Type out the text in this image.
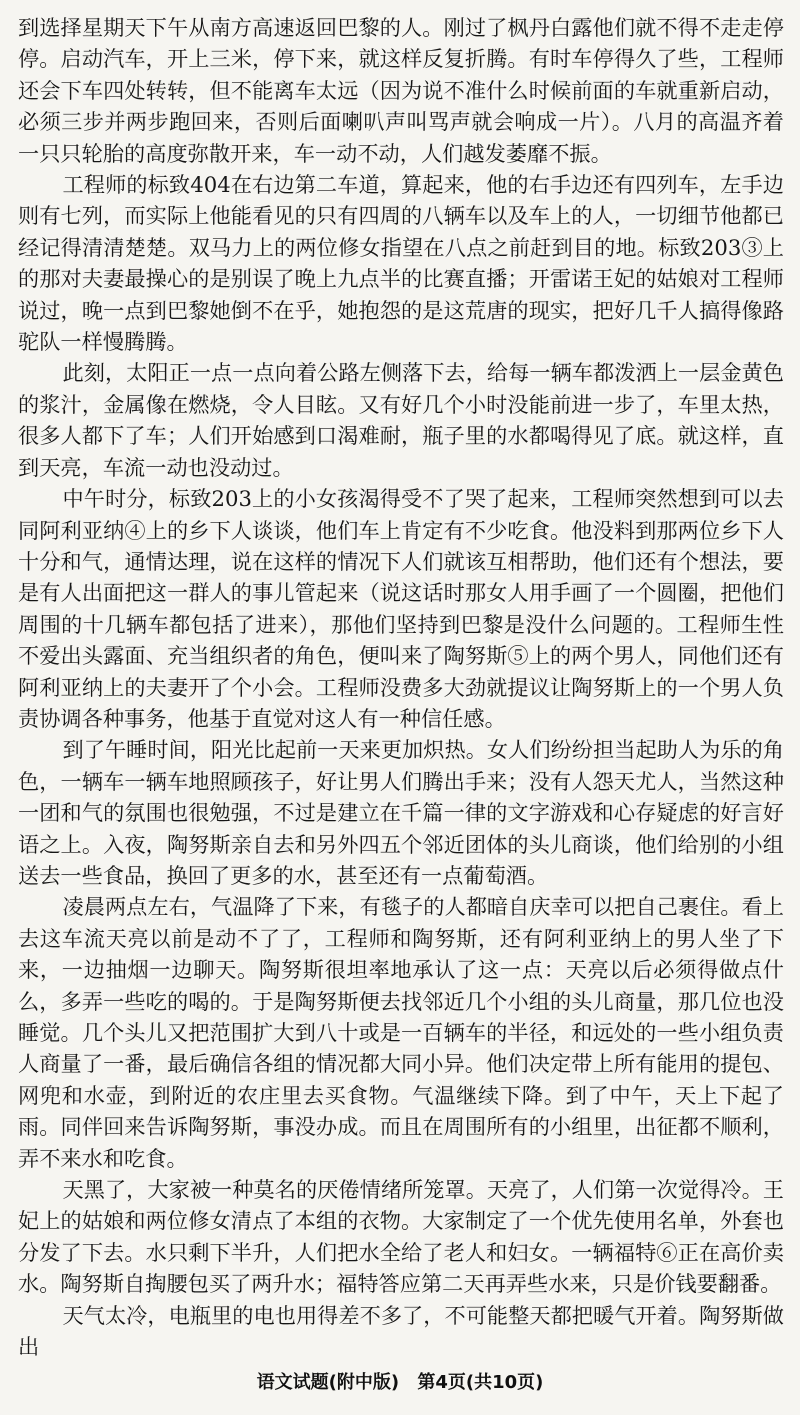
到选择星期天下午从南方高速返回巴黎的人。刚过了枫丹白露他们就不得不走走停停。启动汽车，开上三米，停下来，就这样反复折腾。有时车停得久了些，工程师还会下车四处转转，但不能离车太远（因为说不准什么时候前面的车就重新启动，必须三步并两步跑回来，否则后面喇叭声叫骂声就会响成一片）。八月的高温齐着一只只轮胎的高度弥散开来，车一动不动，人们越发萎靡不振。

工程师的标致404在右边第二车道，算起来，他的右手边还有四列车，左手边则有七列，而实际上他能看见的只有四周的八辆车以及车上的人，一切细节他都已经记得清清楚楚。双马力上的两位修女指望在八点之前赶到目的地。标致203③上的那对夫妻最操心的是别误了晚上九点半的比赛直播；开雷诺王妃的姑娘对工程师说过，晚一点到巴黎她倒不在乎，她抱怨的是这荒唐的现实，把好几千人搞得像路驼队一样慢腾腾。

此刻，太阳正一点一点向着公路左侧落下去，给每一辆车都泼洒上一层金黄色的浆汁，金属像在燃烧，令人目眩。又有好几个小时没能前进一步了，车里太热，很多人都下了车；人们开始感到口渴难耐，瓶子里的水都喝得见了底。就这样，直到天亮，车流一动也没动过。

中午时分，标致203上的小女孩渴得受不了哭了起来，工程师突然想到可以去同阿利亚纳④上的乡下人谈谈，他们车上肯定有不少吃食。他没料到那两位乡下人十分和气，通情达理，说在这样的情况下人们就该互相帮助，他们还有个想法，要是有人出面把这一群人的事儿管起来（说这话时那女人用手画了一个圆圈，把他们周围的十几辆车都包括了进来），那他们坚持到巴黎是没什么问题的。工程师生性不爱出头露面、充当组织者的角色，便叫来了陶努斯⑤上的两个男人，同他们还有阿利亚纳上的夫妻开了个小会。工程师没费多大劲就提议让陶努斯上的一个男人负责协调各种事务，他基于直觉对这人有一种信任感。

到了午睡时间，阳光比起前一天来更加炽热。女人们纷纷担当起助人为乐的角色，一辆车一辆车地照顾孩子，好让男人们腾出手来；没有人怨天尤人，当然这种一团和气的氛围也很勉强，不过是建立在千篇一律的文字游戏和心存疑虑的好言好语之上。入夜，陶努斯亲自去和另外四五个邻近团体的头儿商谈，他们给别的小组送去一些食品，换回了更多的水，甚至还有一点葡萄酒。

凌晨两点左右，气温降了下来，有毯子的人都暗自庆幸可以把自己裹住。看上去这车流天亮以前是动不了了，工程师和陶努斯，还有阿利亚纳上的男人坐了下来，一边抽烟一边聊天。陶努斯很坦率地承认了这一点：天亮以后必须得做点什么，多弄一些吃的喝的。于是陶努斯便去找邻近几个小组的头儿商量，那几位也没睡觉。几个头儿又把范围扩大到八十或是一百辆车的半径，和远处的一些小组负责人商量了一番，最后确信各组的情况都大同小异。他们决定带上所有能用的提包、网兜和水壶，到附近的农庄里去买食物。气温继续下降。到了中午，天上下起了雨。同伴回来告诉陶努斯，事没办成。而且在周围所有的小组里，出征都不顺利，弄不来水和吃食。

天黑了，大家被一种莫名的厌倦情绪所笼罩。天亮了，人们第一次觉得冷。王妃上的姑娘和两位修女清点了本组的衣物。大家制定了一个优先使用名单，外套也分发了下去。水只剩下半升，人们把水全给了老人和妇女。一辆福特⑥正在高价卖水。陶努斯自掏腰包买了两升水；福特答应第二天再弄些水来，只是价钱要翻番。

天气太冷，电瓶里的电也用得差不多了，不可能整天都把暖气开着。陶努斯做出

语文试题(附中版) 第4页(共10页)
